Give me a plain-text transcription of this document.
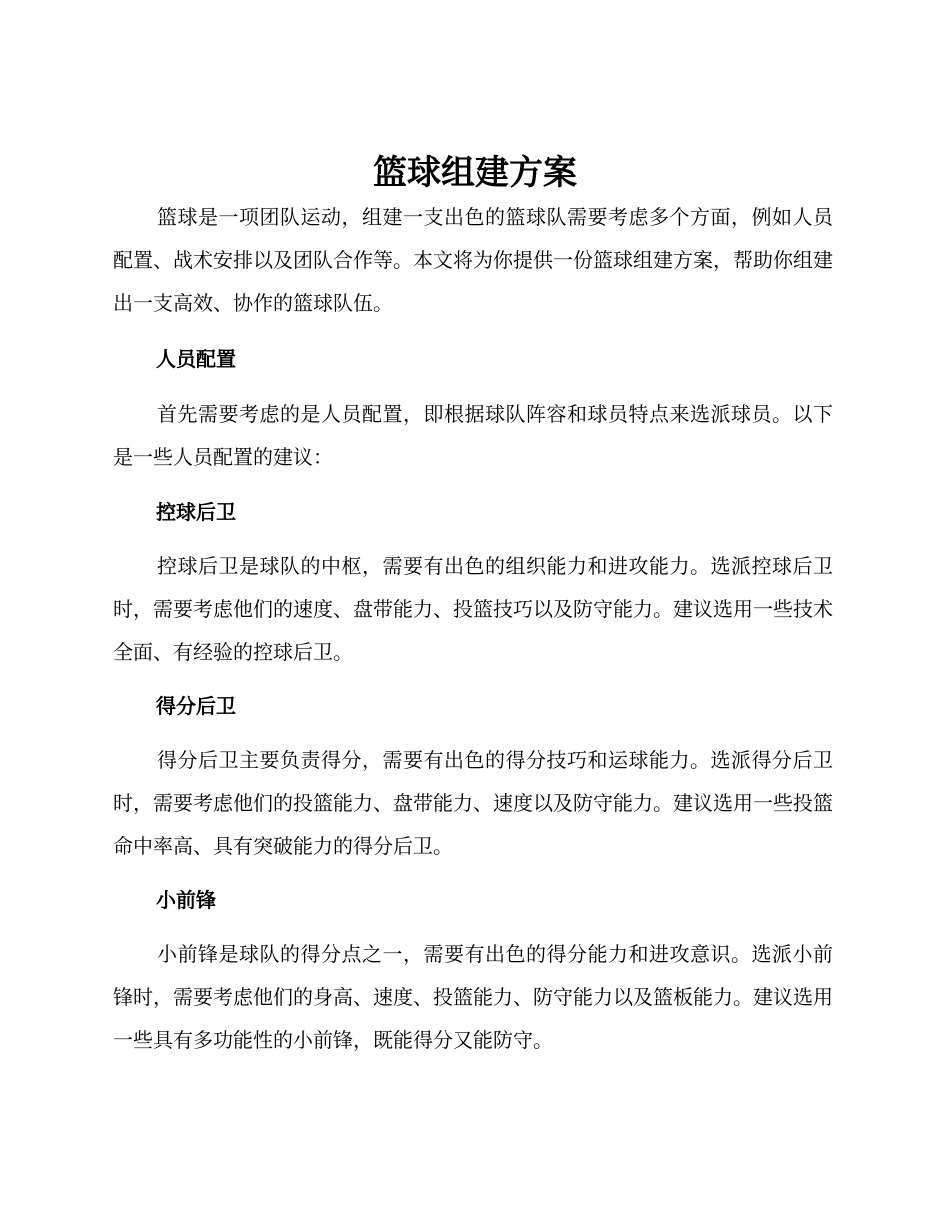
篮球组建方案

篮球是一项团队运动，组建一支出色的篮球队需要考虑多个方面，例如人员配置、战术安排以及团队合作等。本文将为你提供一份篮球组建方案，帮助你组建出一支高效、协作的篮球队伍。

人员配置

首先需要考虑的是人员配置，即根据球队阵容和球员特点来选派球员。以下是一些人员配置的建议：

控球后卫

控球后卫是球队的中枢，需要有出色的组织能力和进攻能力。选派控球后卫时，需要考虑他们的速度、盘带能力、投篮技巧以及防守能力。建议选用一些技术全面、有经验的控球后卫。

得分后卫

得分后卫主要负责得分，需要有出色的得分技巧和运球能力。选派得分后卫时，需要考虑他们的投篮能力、盘带能力、速度以及防守能力。建议选用一些投篮命中率高、具有突破能力的得分后卫。

小前锋

小前锋是球队的得分点之一，需要有出色的得分能力和进攻意识。选派小前锋时，需要考虑他们的身高、速度、投篮能力、防守能力以及篮板能力。建议选用一些具有多功能性的小前锋，既能得分又能防守。
